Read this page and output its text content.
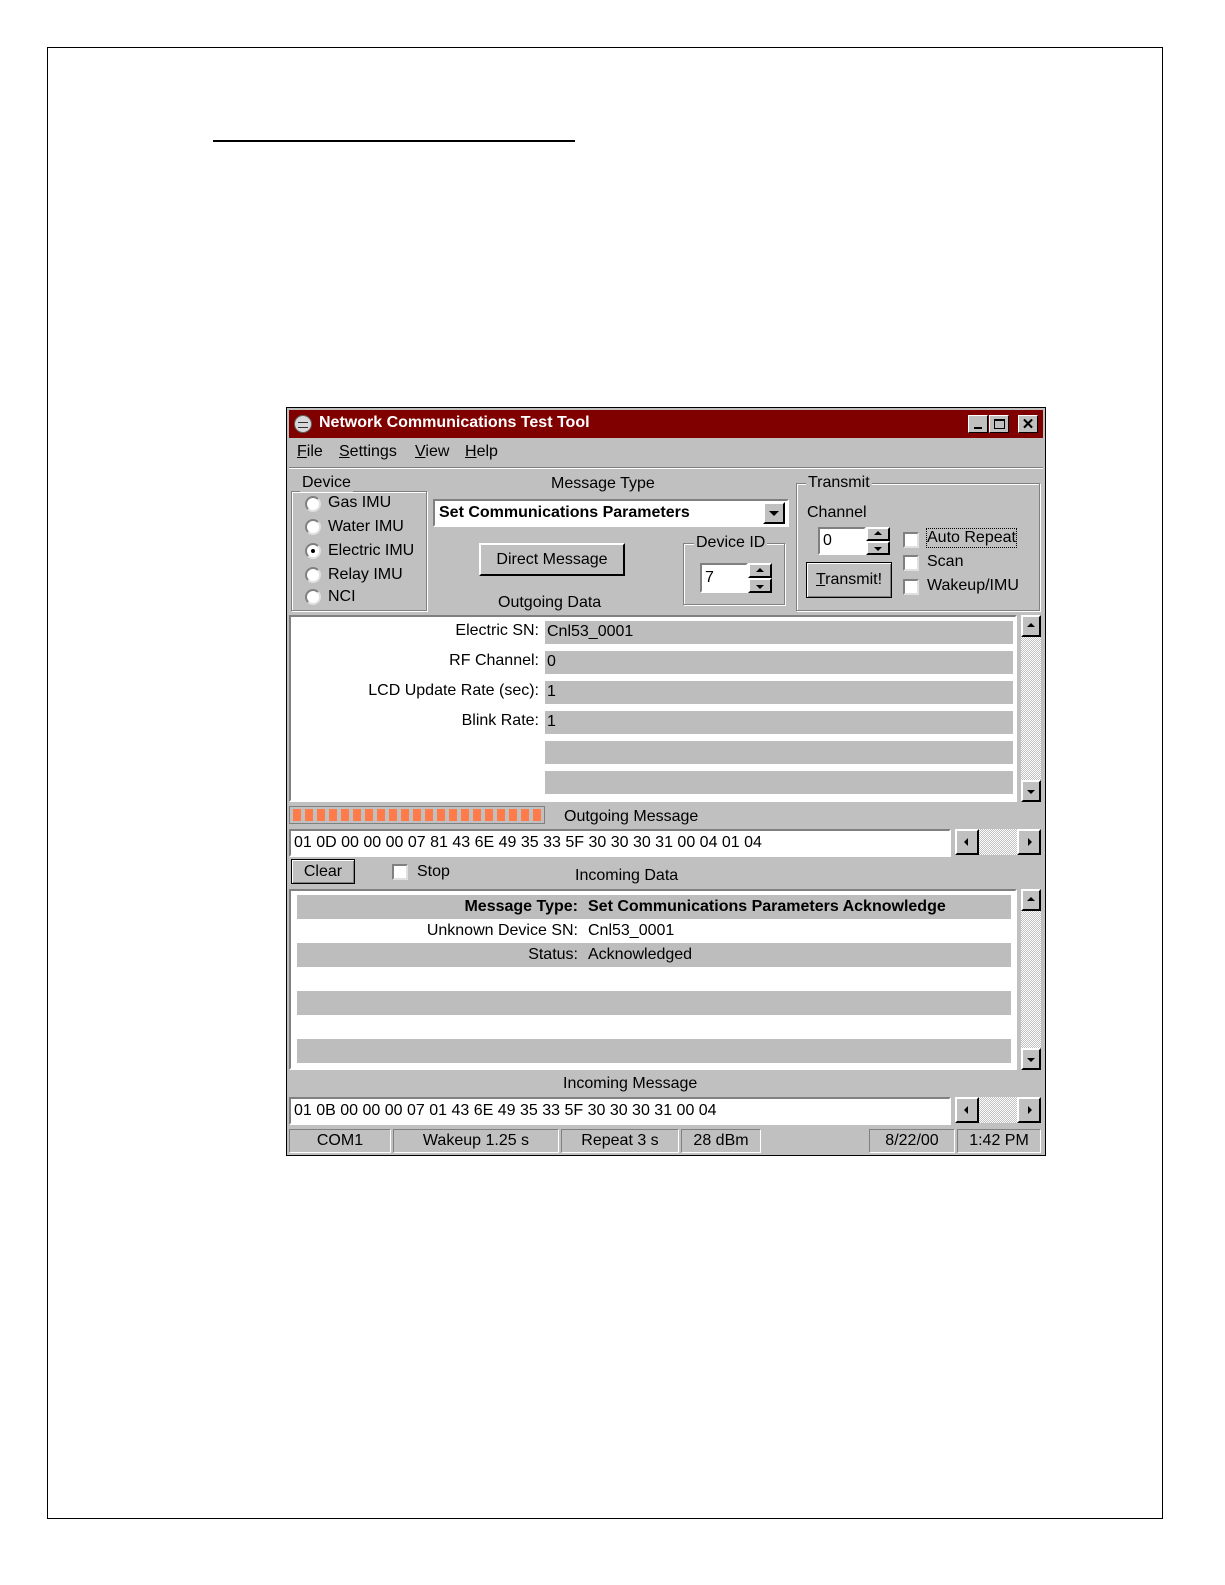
Network Communications Test Tool	✕
File Settings View Help
Device
Gas IMU
Water IMU
Electric IMU
Relay IMU
NCI
Message Type
Set Communications Parameters
Direct Message
Outgoing Data
Device ID
7
Transmit
Channel
0
Transmit!
Auto Repeat
Scan
Wakeup/IMU
Electric SN: Cnl53_0001
RF Channel: 0
LCD Update Rate (sec): 1
Blink Rate: 1
Outgoing Message
01 0D 00 00 00 07 81 43 6E 49 35 33 5F 30 30 30 31 00 04 01 04
Clear	Stop	Incoming Data
Message Type: Set Communications Parameters Acknowledge
Unknown Device SN: Cnl53_0001
Status: Acknowledged
Incoming Message
01 0B 00 00 00 07 01 43 6E 49 35 33 5F 30 30 30 31 00 04
COM1	Wakeup 1.25 s	Repeat 3 s	28 dBm	8/22/00	1:42 PM
